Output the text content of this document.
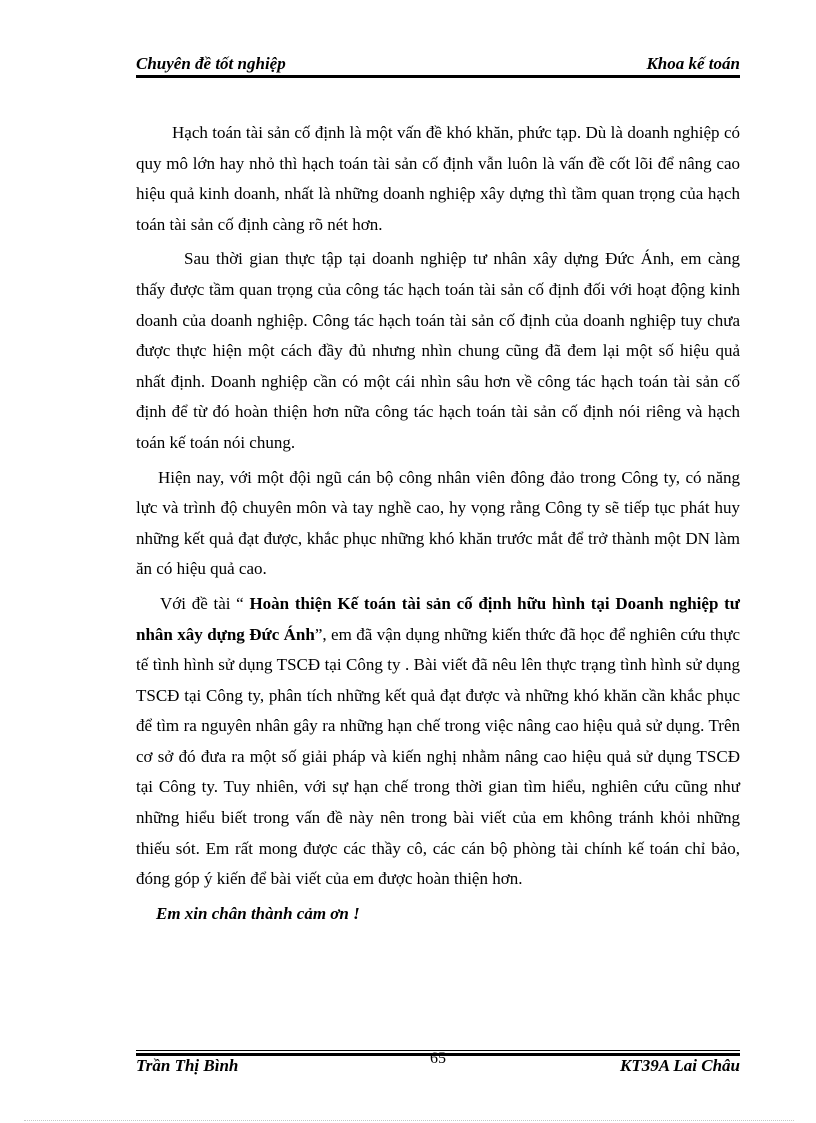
Chuyên đề tốt nghiệp	Khoa kế toán

Hạch toán tài sản cố định là một vấn đề khó khăn, phức tạp. Dù là doanh nghiệp có quy mô lớn hay nhỏ thì hạch toán tài sản cố định vẫn luôn là vấn đề cốt lõi để nâng cao hiệu quả kinh doanh, nhất là những doanh nghiệp xây dựng thì tầm quan trọng của hạch toán tài sản cố định càng rõ nét hơn.

Sau thời gian thực tập tại doanh nghiệp tư nhân xây dựng Đức Ánh, em càng thấy được tầm quan trọng của công tác hạch toán tài sản cố định đối với hoạt động kinh doanh của doanh nghiệp. Công tác hạch toán tài sản cố định của doanh nghiệp tuy chưa được thực hiện một cách đầy đủ nhưng nhìn chung cũng đã đem lại một số hiệu quả nhất định. Doanh nghiệp cần có một cái nhìn sâu hơn về công tác hạch toán tài sản cố định để từ đó hoàn thiện hơn nữa công tác hạch toán tài sản cố định nói riêng và hạch toán kế toán nói chung.

Hiện nay, với một đội ngũ cán bộ công nhân viên đông đảo trong Công ty, có năng lực và trình độ chuyên môn và tay nghề cao, hy vọng rằng Công ty sẽ tiếp tục phát huy những kết quả đạt được, khắc phục những khó khăn trước mắt để trở thành một DN làm ăn có hiệu quả cao.

Với đề tài “ Hoàn thiện Kế toán tài sản cố định hữu hình tại Doanh nghiệp tư nhân xây dựng Đức Ánh”, em đã vận dụng những kiến thức đã học để nghiên cứu thực tế tình hình sử dụng TSCĐ tại Công ty . Bài viết đã nêu lên thực trạng tình hình sử dụng TSCĐ tại Công ty, phân tích những kết quả đạt được và những khó khăn cần khắc phục để tìm ra nguyên nhân gây ra những hạn chế trong việc nâng cao hiệu quả sử dụng. Trên cơ sở đó đưa ra một số giải pháp và kiến nghị nhằm nâng cao hiệu quả sử dụng TSCĐ tại Công ty. Tuy nhiên, với sự hạn chế trong thời gian tìm hiểu, nghiên cứu cũng như những hiểu biết trong vấn đề này nên trong bài viết của em không tránh khỏi những thiếu sót. Em rất mong được các thầy cô, các cán bộ phòng tài chính kế toán chỉ bảo, đóng góp ý kiến để bài viết của em được hoàn thiện hơn.

Em xin chân thành cảm ơn !

Trần Thị Bình	65	KT39A Lai Châu
